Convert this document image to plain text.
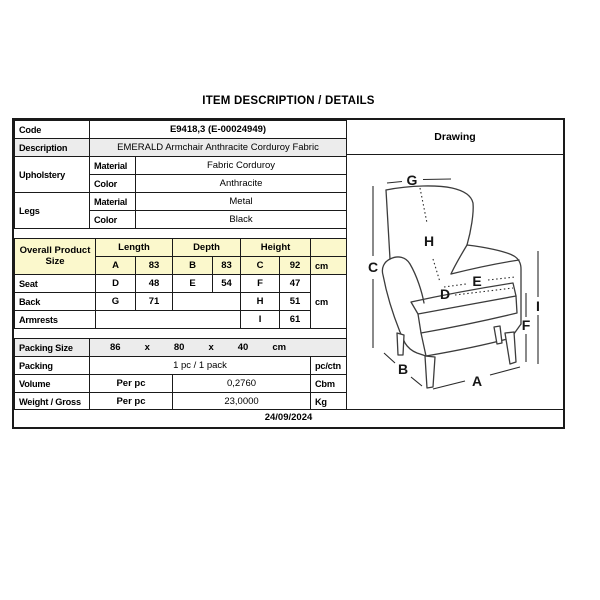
ITEM DESCRIPTION / DETAILS
Code	E9418,3 (E-00024949)	
Description	EMERALD Armchair Anthracite Corduroy Fabric	
Upholstery	Material	Fabric Corduroy
	Color	Anthracite
Legs	Material	Metal
	Color	Black
Overall Product Size	Length		Depth		Height		
	A	83	B	83	C	92	cm
Seat	D	48	E	54	F	47	cm
Back	G	71			H	51	
Armrests					I	61	
Packing Size	86	x	80	x	40	cm

Packing	1 pc / 1 pack		pc/ctn
Volume	Per pc	0,2760	Cbm
Weight / Gross	Per pc	23,0000	Kg
Drawing
G
H
C
E
D
F
I
B
A
24/09/2024
